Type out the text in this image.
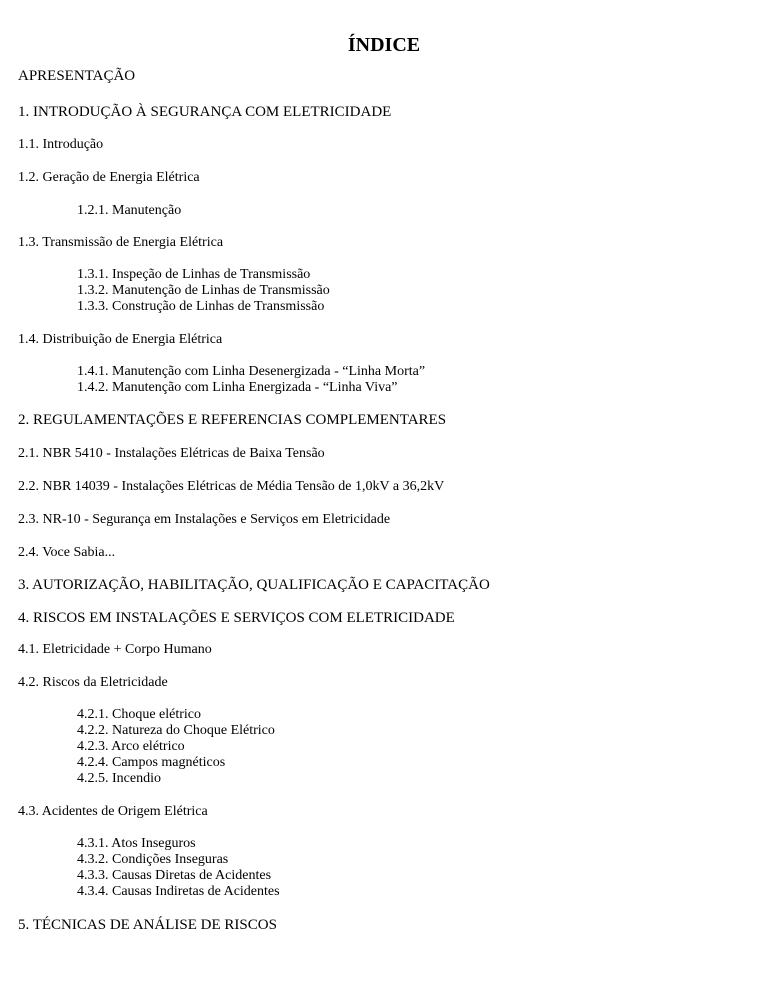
ÍNDICE
APRESENTAÇÃO
1. INTRODUÇÃO À SEGURANÇA COM ELETRICIDADE
1.1. Introdução
1.2. Geração de Energia Elétrica
1.2.1. Manutenção
1.3. Transmissão de Energia Elétrica
1.3.1. Inspeção de Linhas de Transmissão
1.3.2. Manutenção de Linhas de Transmissão
1.3.3. Construção de Linhas de Transmissão
1.4. Distribuição de Energia Elétrica
1.4.1. Manutenção com Linha Desenergizada - “Linha Morta”
1.4.2. Manutenção com Linha Energizada - “Linha Viva”
2. REGULAMENTAÇÕES E REFERENCIAS COMPLEMENTARES
2.1. NBR 5410 - Instalações Elétricas de Baixa Tensão
2.2. NBR 14039 - Instalações Elétricas de Média Tensão de 1,0kV a 36,2kV
2.3. NR-10 - Segurança em Instalações e Serviços em Eletricidade
2.4. Voce Sabia...
3. AUTORIZAÇÃO, HABILITAÇÃO, QUALIFICAÇÃO E CAPACITAÇÃO
4. RISCOS EM INSTALAÇÕES E SERVIÇOS COM ELETRICIDADE
4.1. Eletricidade + Corpo Humano
4.2. Riscos da Eletricidade
4.2.1. Choque elétrico
4.2.2. Natureza do Choque Elétrico
4.2.3. Arco elétrico
4.2.4. Campos magnéticos
4.2.5. Incendio
4.3. Acidentes de Origem Elétrica
4.3.1. Atos Inseguros
4.3.2. Condições Inseguras
4.3.3. Causas Diretas de Acidentes
4.3.4. Causas Indiretas de Acidentes
5. TÉCNICAS DE ANÁLISE DE RISCOS
